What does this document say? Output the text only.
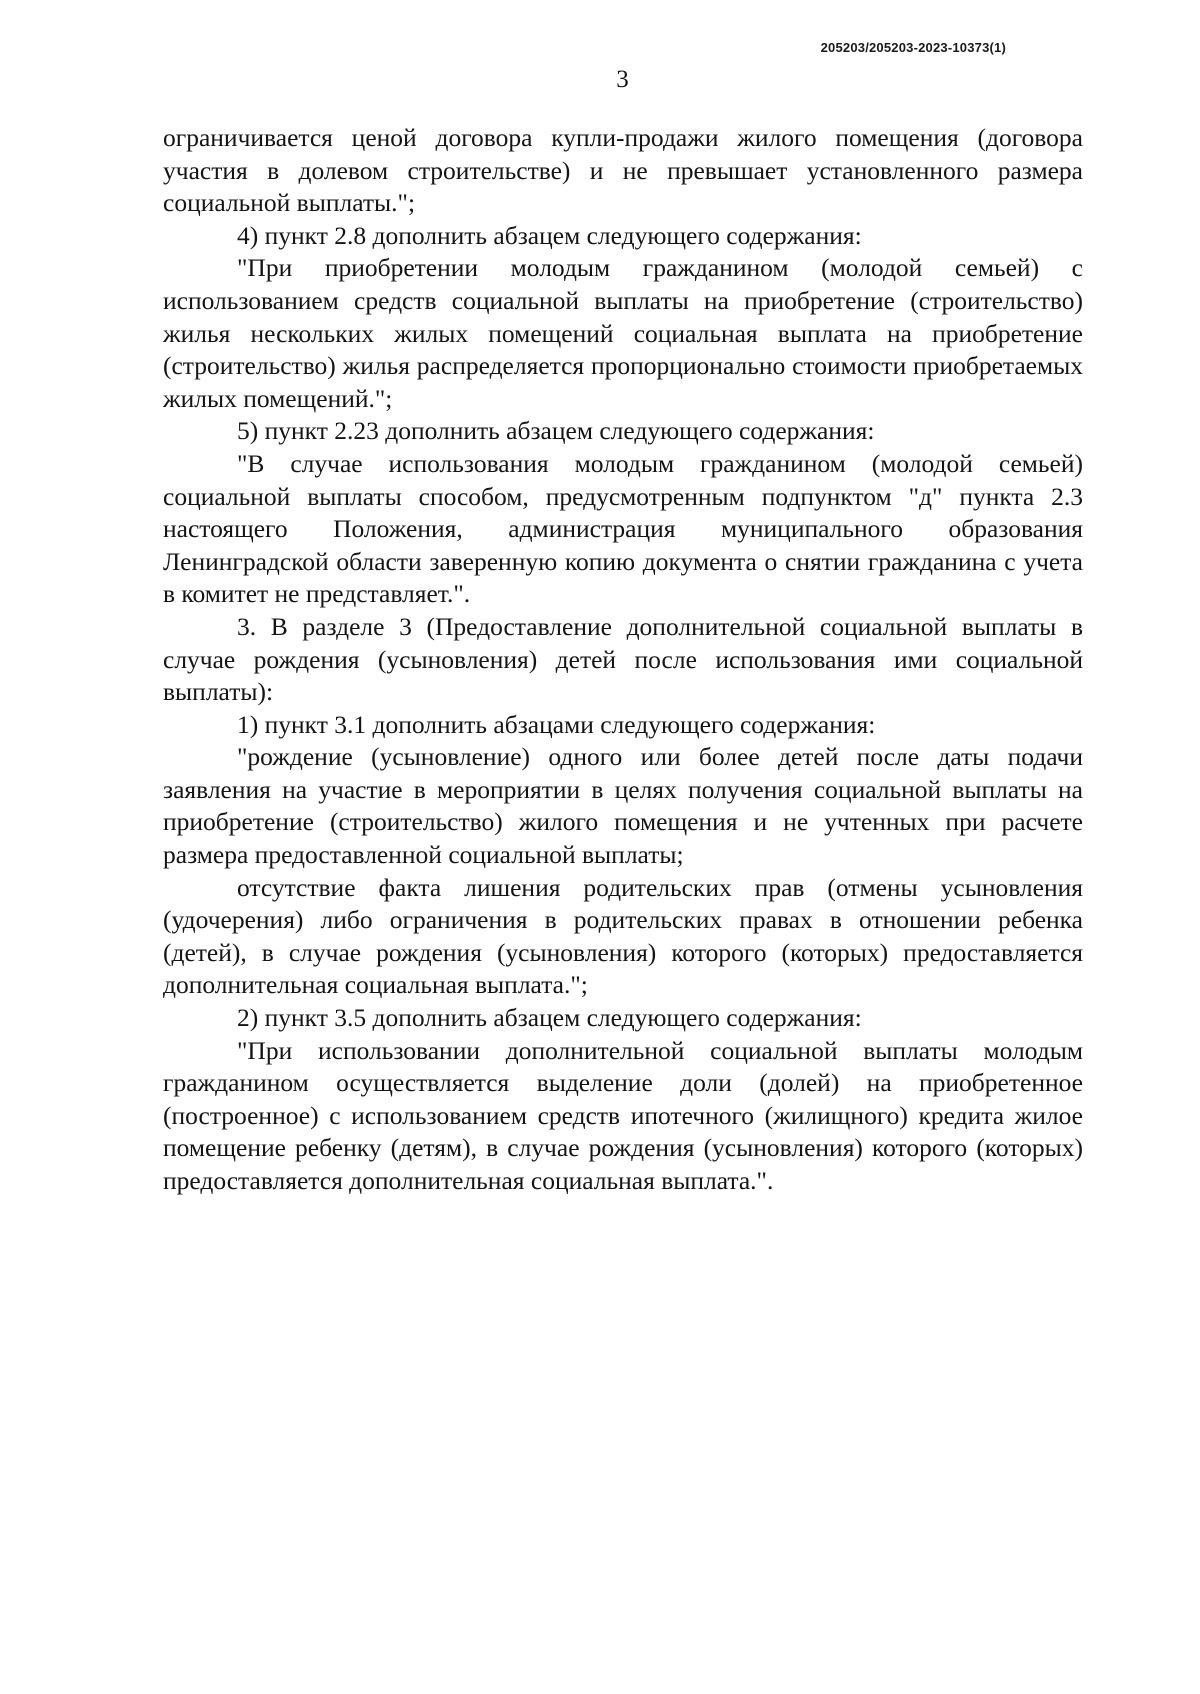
205203/205203-2023-10373(1)
3

ограничивается ценой договора купли-продажи жилого помещения (договора участия в долевом строительстве) и не превышает установленного размера социальной выплаты.";

4) пункт 2.8 дополнить абзацем следующего содержания:

"При приобретении молодым гражданином (молодой семьей) с использованием средств социальной выплаты на приобретение (строительство) жилья нескольких жилых помещений социальная выплата на приобретение (строительство) жилья распределяется пропорционально стоимости приобретаемых жилых помещений.";

5) пункт 2.23 дополнить абзацем следующего содержания:

"В случае использования молодым гражданином (молодой семьей) социальной выплаты способом, предусмотренным подпунктом "д" пункта 2.3 настоящего Положения, администрация муниципального образования Ленинградской области заверенную копию документа о снятии гражданина с учета в комитет не представляет.".

3. В разделе 3 (Предоставление дополнительной социальной выплаты в случае рождения (усыновления) детей после использования ими социальной выплаты):

1) пункт 3.1 дополнить абзацами следующего содержания:

"рождение (усыновление) одного или более детей после даты подачи заявления на участие в мероприятии в целях получения социальной выплаты на приобретение (строительство) жилого помещения и не учтенных при расчете размера предоставленной социальной выплаты;

отсутствие факта лишения родительских прав (отмены усыновления (удочерения) либо ограничения в родительских правах в отношении ребенка (детей), в случае рождения (усыновления) которого (которых) предоставляется дополнительная социальная выплата.";

2) пункт 3.5 дополнить абзацем следующего содержания:

"При использовании дополнительной социальной выплаты молодым гражданином осуществляется выделение доли (долей) на приобретенное (построенное) с использованием средств ипотечного (жилищного) кредита жилое помещение ребенку (детям), в случае рождения (усыновления) которого (которых) предоставляется дополнительная социальная выплата.".
